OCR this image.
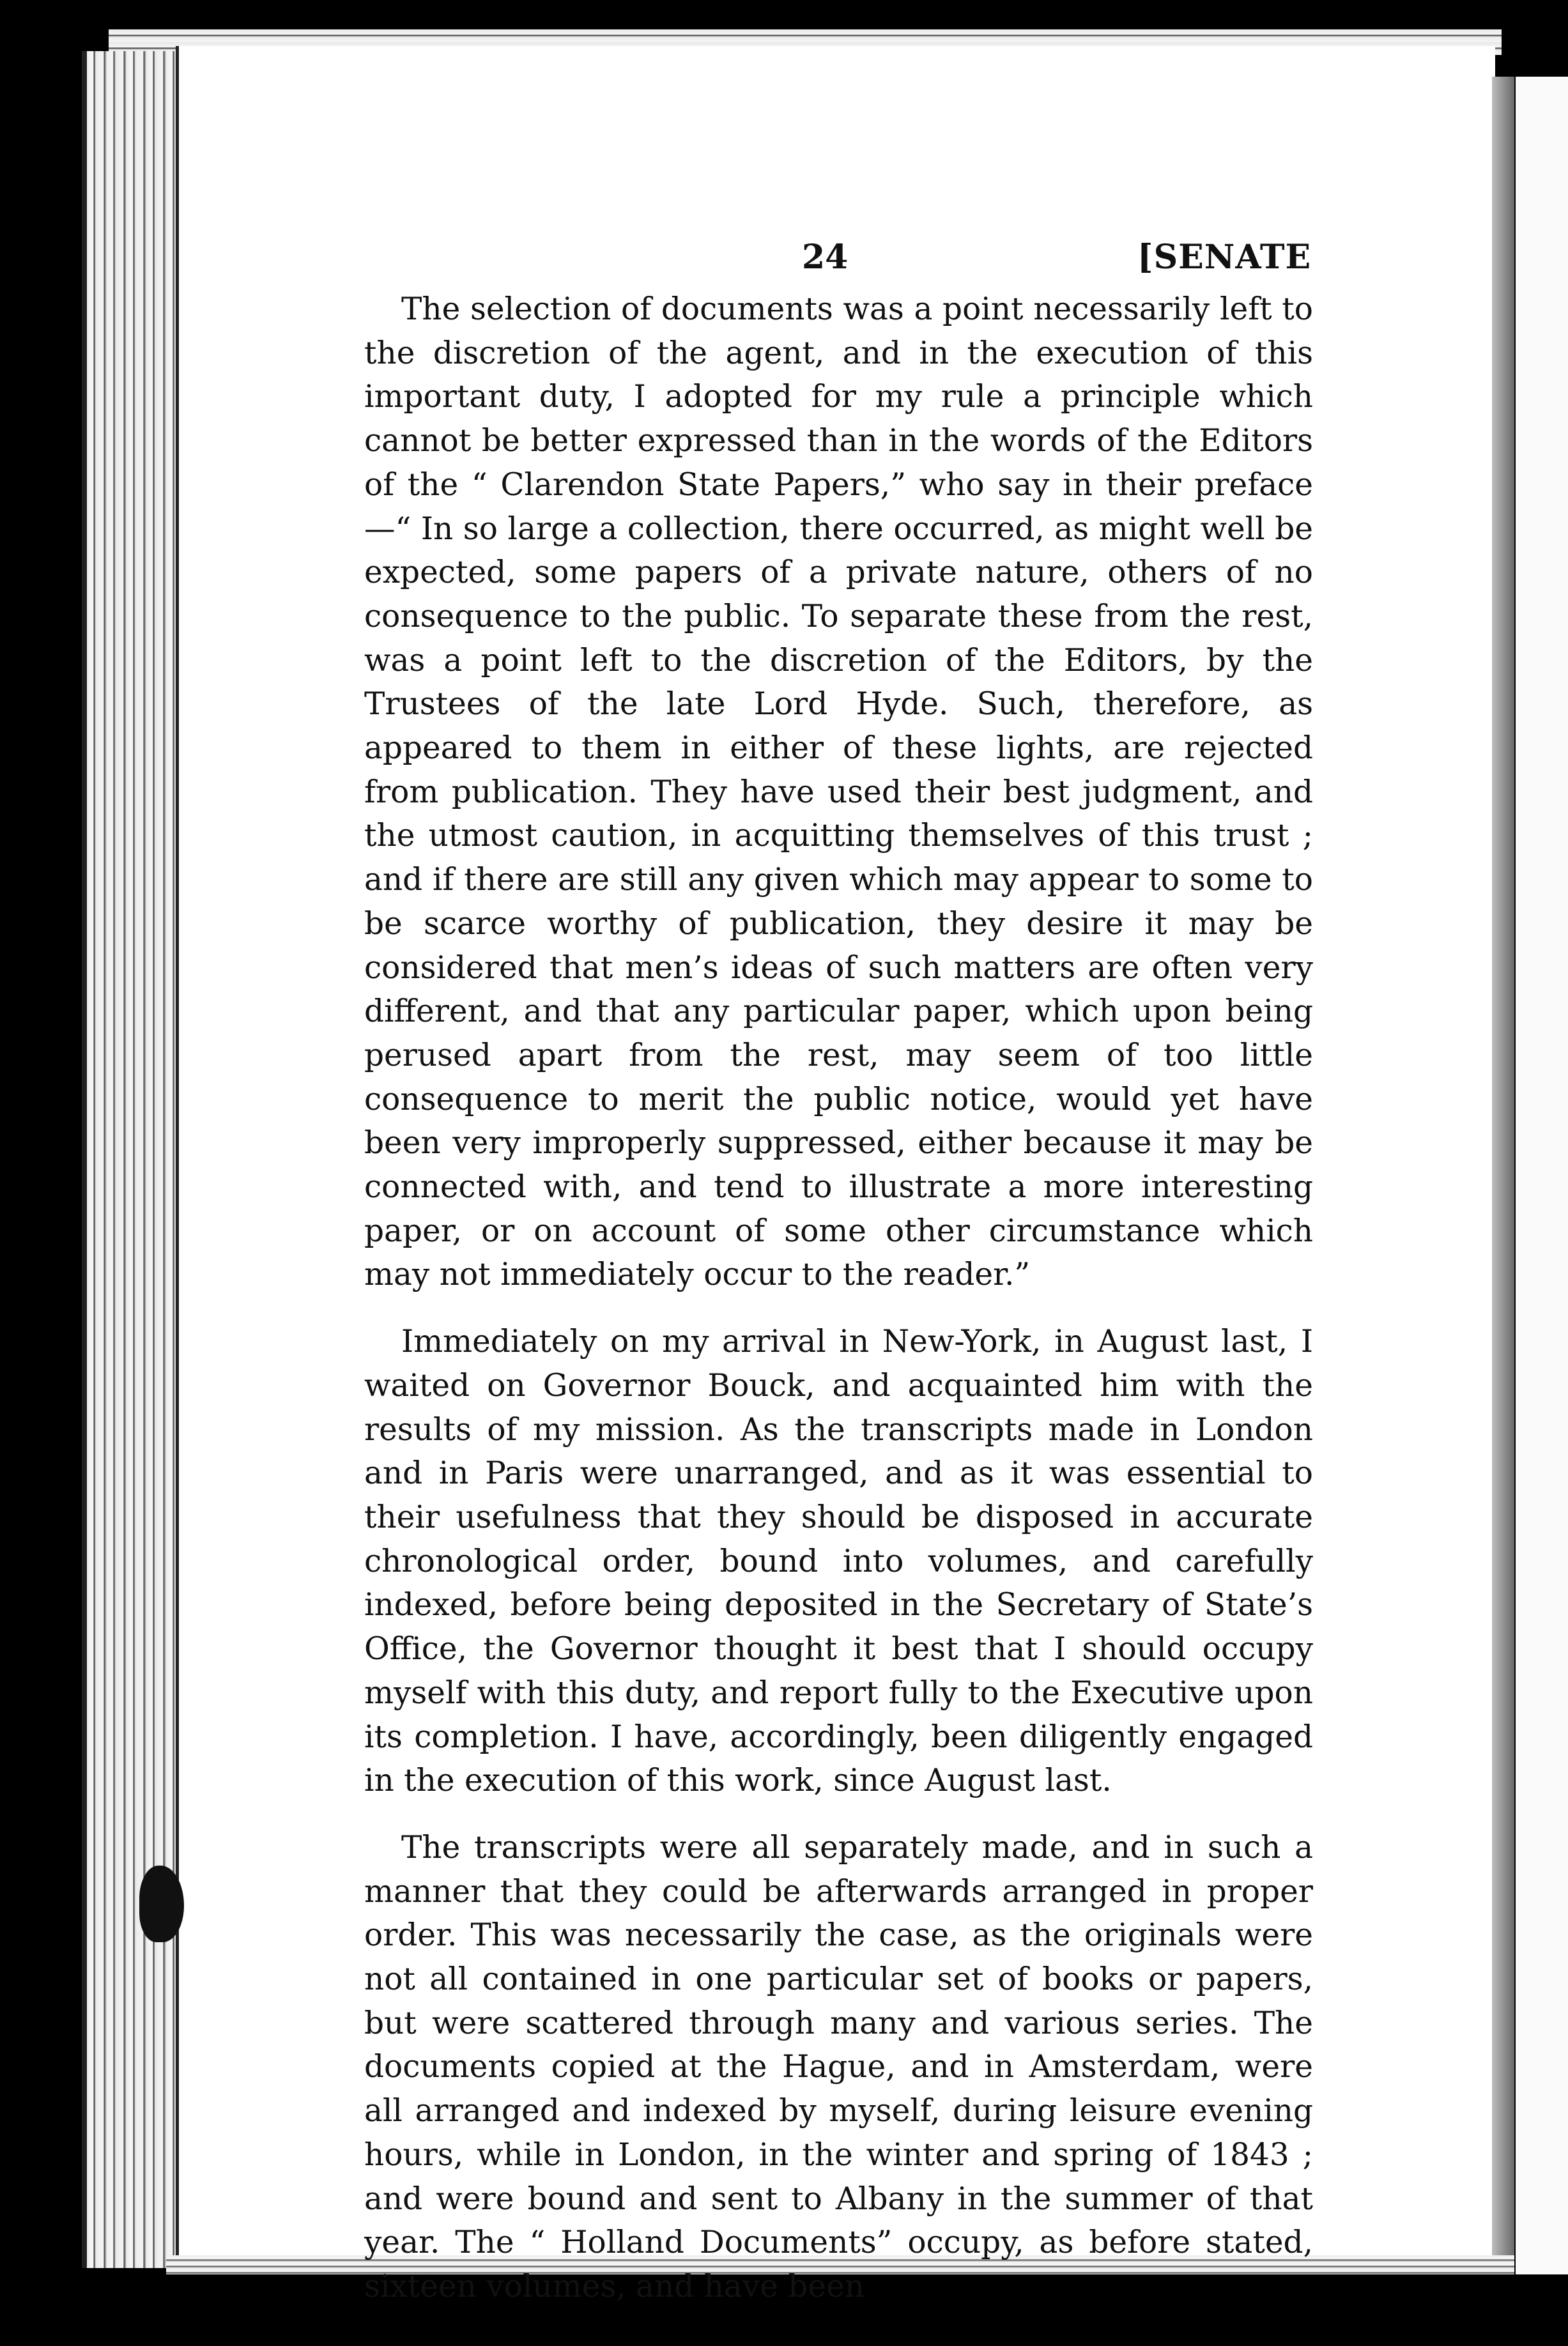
24	[SENATE

The selection of documents was a point necessarily left to the discretion of the agent, and in the execution of this important duty, I adopted for my rule a principle which cannot be better expressed than in the words of the Editors of the “ Clarendon State Papers,” who say in their preface—“ In so large a collection, there occurred, as might well be expected, some papers of a private nature, others of no consequence to the public. To separate these from the rest, was a point left to the discretion of the Editors, by the Trustees of the late Lord Hyde. Such, therefore, as appeared to them in either of these lights, are rejected from publication. They have used their best judgment, and the utmost caution, in acquitting themselves of this trust ; and if there are still any given which may appear to some to be scarce worthy of publication, they desire it may be considered that men’s ideas of such matters are often very different, and that any particular paper, which upon being perused apart from the rest, may seem of too little consequence to merit the public notice, would yet have been very improperly suppressed, either because it may be connected with, and tend to illustrate a more interesting paper, or on account of some other circumstance which may not immediately occur to the reader.”

Immediately on my arrival in New-York, in August last, I waited on Governor Bouck, and acquainted him with the results of my mission. As the transcripts made in London and in Paris were unarranged, and as it was essential to their usefulness that they should be disposed in accurate chronological order, bound into volumes, and carefully indexed, before being deposited in the Secretary of State’s Office, the Governor thought it best that I should occupy myself with this duty, and report fully to the Executive upon its completion. I have, accordingly, been diligently engaged in the execution of this work, since August last.

The transcripts were all separately made, and in such a manner that they could be afterwards arranged in proper order. This was necessarily the case, as the originals were not all contained in one particular set of books or papers, but were scattered through many and various series. The documents copied at the Hague, and in Amsterdam, were all arranged and indexed by myself, during leisure evening hours, while in London, in the winter and spring of 1843 ; and were bound and sent to Albany in the summer of that year. The “ Holland Documents” occupy, as before stated, sixteen volumes, and have been
